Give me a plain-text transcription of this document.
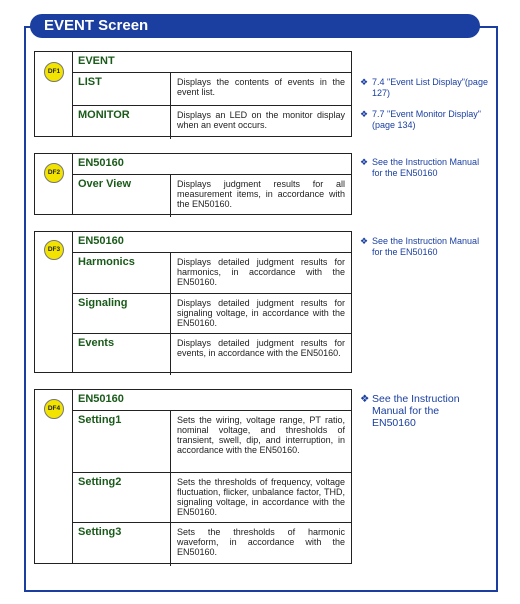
EVENT Screen
DF1
EVENT
LIST	Displays the contents of events in the event list.
MONITOR	Displays an LED on the monitor display when an event occurs.
❖ 7.4 "Event List Display"(page 127)
❖ 7.7 "Event Monitor Display"(page 134)
DF2
EN50160
Over View	Displays judgment results for all measurement items, in accordance with the EN50160.
❖ See the Instruction Manual for the EN50160
DF3
EN50160
Harmonics	Displays detailed judgment results for harmonics, in accordance with the EN50160.
Signaling	Displays detailed judgment results for signaling voltage, in accordance with the EN50160.
Events	Displays detailed judgment results for events, in accordance with the EN50160.
❖ See the Instruction Manual for the EN50160
DF4
EN50160
Setting1	Sets the wiring, voltage range, PT ratio, nominal voltage, and thresholds of transient, swell, dip, and interruption, in accordance with the EN50160.
Setting2	Sets the thresholds of frequency, voltage fluctuation, flicker, unbalance factor, THD, signaling voltage, in accordance with the EN50160.
Setting3	Sets the thresholds of harmonic waveform, in accordance with the EN50160.
❖ See the Instruction Manual for the EN50160
